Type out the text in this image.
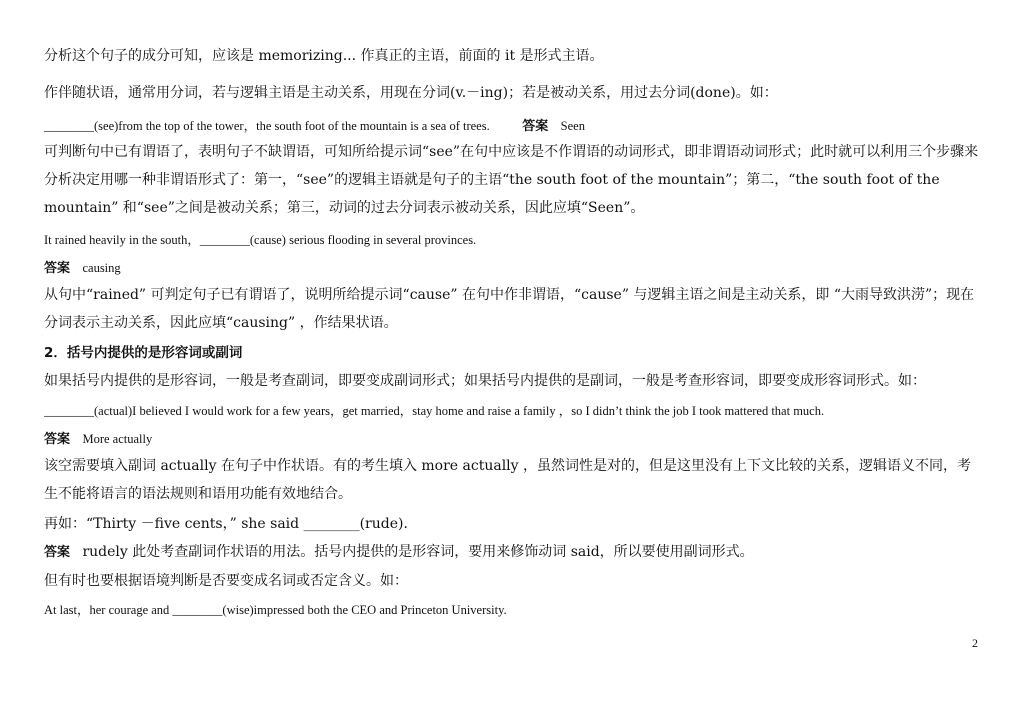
分析这个句子的成分可知，应该是 memorizing... 作真正的主语，前面的 it 是形式主语。
作伴随状语，通常用分词，若与逻辑主语是主动关系，用现在分词(v.－ing)；若是被动关系，用过去分词(done)。如：
________(see)from the top of the tower，the south foot of the mountain is a sea of trees. 答案 Seen
可判断句中已有谓语了，表明句子不缺谓语，可知所给提示词“see”在句中应该是不作谓语的动词形式，即非谓语动词形式；此时就可以利用三个步骤来分析决定用哪一种非谓语形式了：第一，“see”的逻辑主语就是句子的主语“the south foot of the mountain”；第二，“the south foot of the mountain” 和“see”之间是被动关系；第三，动词的过去分词表示被动关系，因此应填“Seen”。
It rained heavily in the south，________(cause) serious flooding in several provinces.
答案 causing
从句中“rained” 可判定句子已有谓语了，说明所给提示词“cause” 在句中作非谓语，“cause” 与逻辑主语之间是主动关系，即 “大雨导致洪涝”；现在分词表示主动关系，因此应填“causing” ，作结果状语。
2．括号内提供的是形容词或副词
如果括号内提供的是形容词，一般是考查副词，即要变成副词形式；如果括号内提供的是副词，一般是考查形容词，即要变成形容词形式。如：
________(actual)I believed I would work for a few years，get married，stay home and raise a family ，so I didn’t think the job I took mattered that much.
答案 More actually
该空需要填入副词 actually 在句子中作状语。有的考生填入 more actually ，虽然词性是对的，但是这里没有上下文比较的关系，逻辑语义不同，考生不能将语言的语法规则和语用功能有效地结合。
再如：“Thirty －five cents，” she said ________(rude)．
答案 rudely 此处考查副词作状语的用法。括号内提供的是形容词，要用来修饰动词 said，所以要使用副词形式。
但有时也要根据语境判断是否要变成名词或否定含义。如：
At last，her courage and ________(wise)impressed both the CEO and Princeton University.
2
